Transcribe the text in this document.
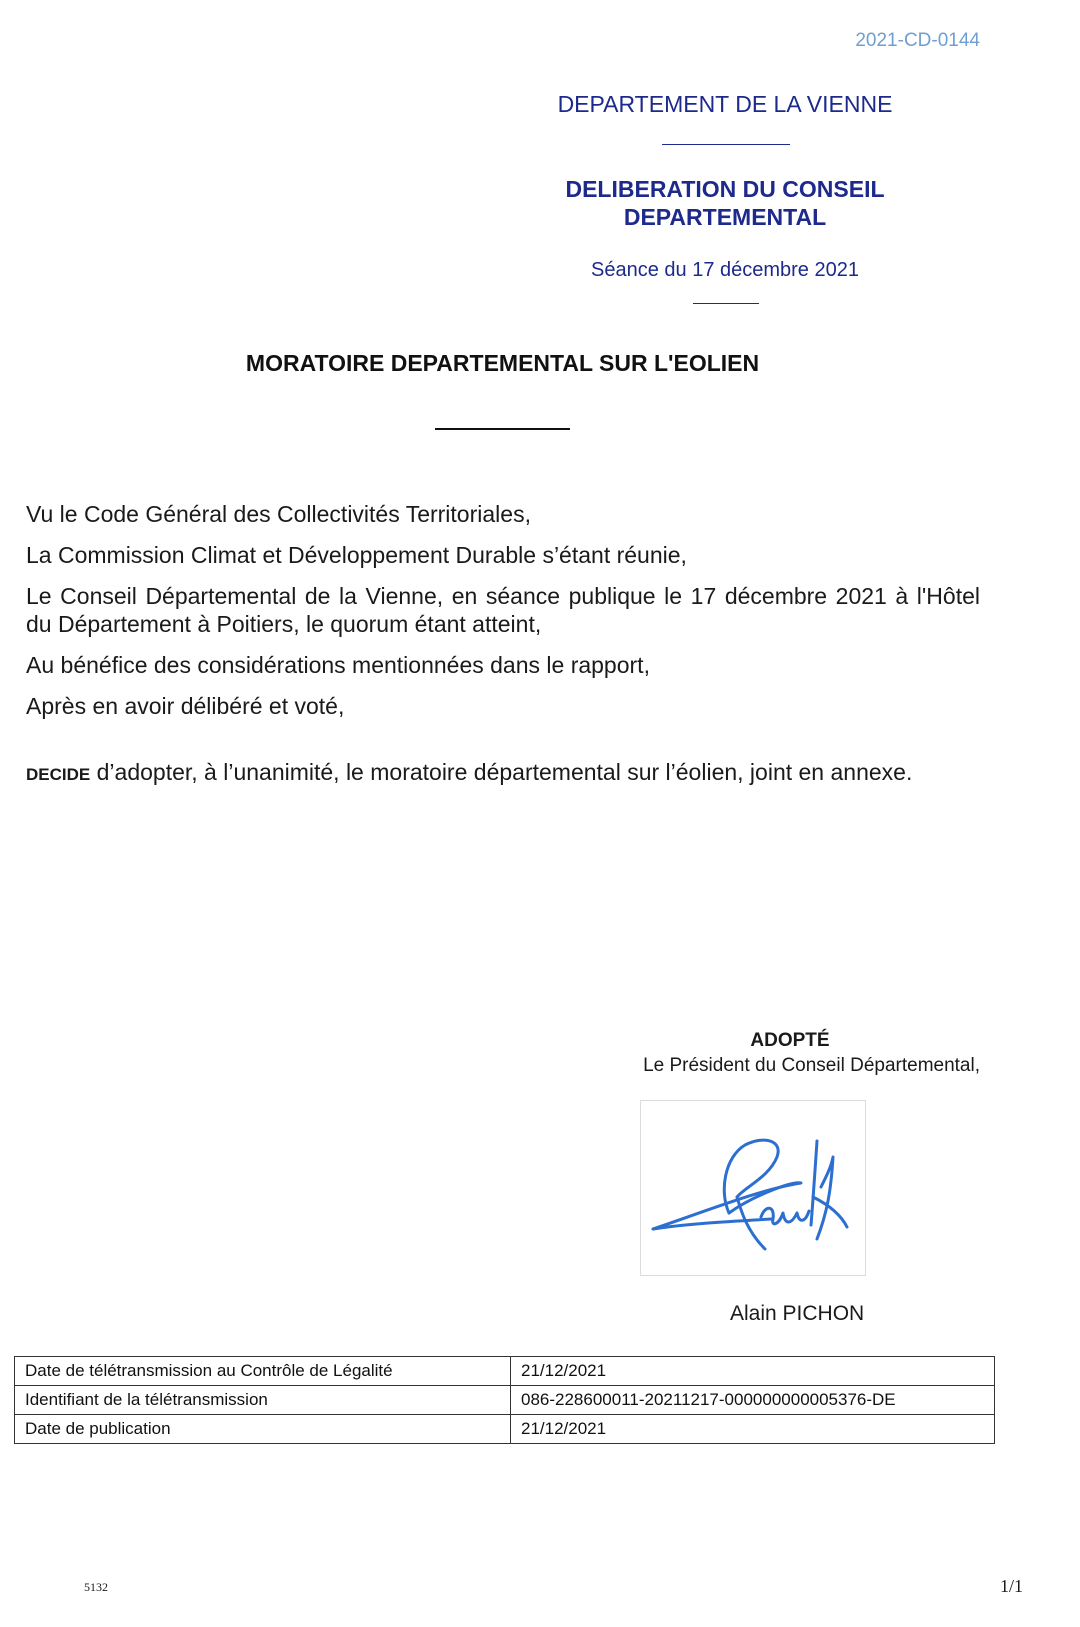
2021-CD-0144
DEPARTEMENT DE LA VIENNE
DELIBERATION DU CONSEIL
DEPARTEMENTAL
Séance du 17 décembre 2021
MORATOIRE DEPARTEMENTAL SUR L'EOLIEN

Vu le Code Général des Collectivités Territoriales,

La Commission Climat et Développement Durable s’étant réunie,

Le Conseil Départemental de la Vienne, en séance publique le 17 décembre 2021 à l'Hôtel du Département à Poitiers, le quorum étant atteint,

Au bénéfice des considérations mentionnées dans le rapport,

Après en avoir délibéré et voté,

DECIDE d’adopter, à l’unanimité, le moratoire départemental sur l’éolien, joint en annexe.
ADOPTÉ
Le Président du Conseil Départemental,
Alain PICHON
Date de télétransmission au Contrôle de Légalité	21/12/2021
Identifiant de la télétransmission	086-228600011-20211217-000000000005376-DE
Date de publication	21/12/2021
5132	1/1
